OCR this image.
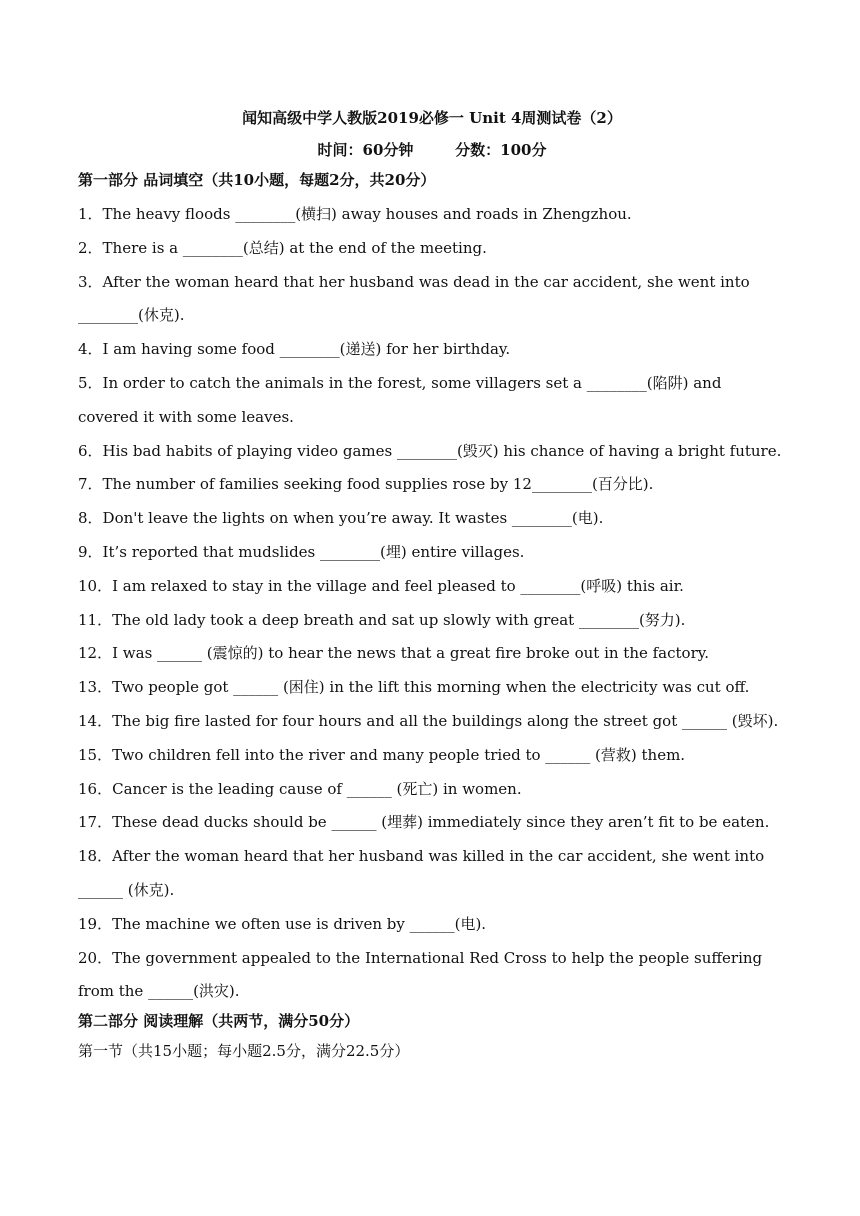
闻知高级中学人教版2019必修一 Unit 4周测试卷（2）
时间：60分钟        分数：100分
第一部分 品词填空（共10小题，每题2分，共20分）
1．The heavy floods ________(横扫) away houses and roads in Zhengzhou.
2．There is a ________(总结) at the end of the meeting.
3．After the woman heard that her husband was dead in the car accident, she went into ________(休克).
4．I am having some food ________(递送) for her birthday.
5．In order to catch the animals in the forest, some villagers set a ________(陷阱) and covered it with some leaves.
6．His bad habits of playing video games ________(毁灭) his chance of having a bright future.
7．The number of families seeking food supplies rose by 12________(百分比).
8．Don't leave the lights on when you’re away. It wastes ________(电).
9．It’s reported that mudslides ________(埋) entire villages.
10．I am relaxed to stay in the village and feel pleased to ________(呼吸) this air.
11．The old lady took a deep breath and sat up slowly with great ________(努力).
12．I was ______ (震惊的) to hear the news that a great fire broke out in the factory.
13．Two people got ______ (困住) in the lift this morning when the electricity was cut off.
14．The big fire lasted for four hours and all the buildings along the street got ______ (毁坏).
15．Two children fell into the river and many people tried to ______ (营救) them.
16．Cancer is the leading cause of ______ (死亡) in women.
17．These dead ducks should be ______ (埋葬) immediately since they aren’t fit to be eaten.
18．After the woman heard that her husband was killed in the car accident, she went into ______ (休克).
19．The machine we often use is driven by ______(电).
20．The government appealed to the International Red Cross to help the people suffering from the ______(洪灾).
第二部分 阅读理解（共两节，满分50分）
第一节（共15小题；每小题2.5分，满分22.5分）
